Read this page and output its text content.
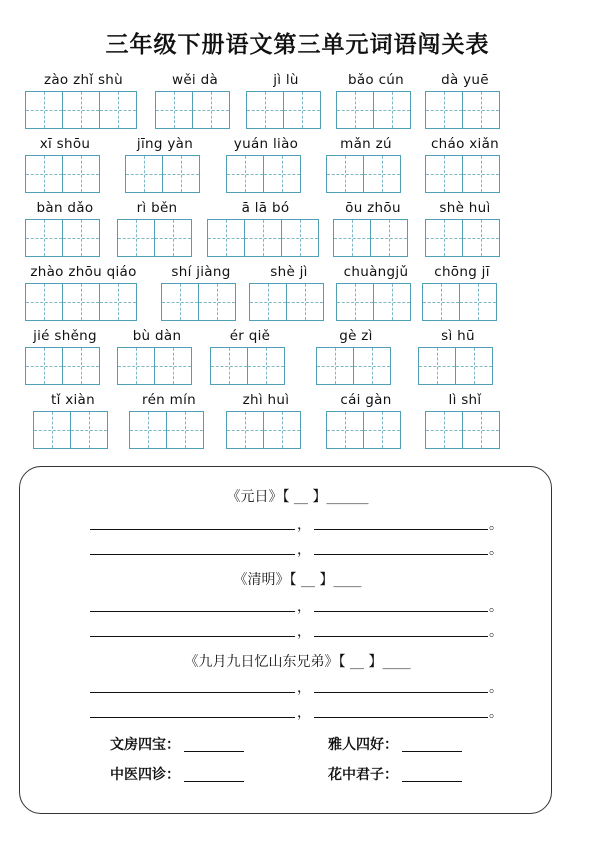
三年级下册语文第三单元词语闯关表
zào zhǐ shù	wěi dà	jì lù	bǎo cún	dà yuē
xī shōu	jīng yàn	yuán liào	mǎn zú	cháo xiǎn
bàn dǎo	rì běn	ā lā bó	ōu zhōu	shè huì
zhào zhōu qiáo	shí jiàng	shè jì	chuàngjǔ	chōng jī
jié shěng	bù dàn	ér qiě	gè zì	sì hū
tǐ xiàn	rén mín	zhì huì	cái gàn	lì shǐ
《元日》【 __ 】______
，	。
，	。
《清明》【 __ 】____
，	。
，	。
《九月九日忆山东兄弟》【 __ 】____
，	。
，	。
文房四宝：	雅人四好：
中医四诊：	花中君子：
